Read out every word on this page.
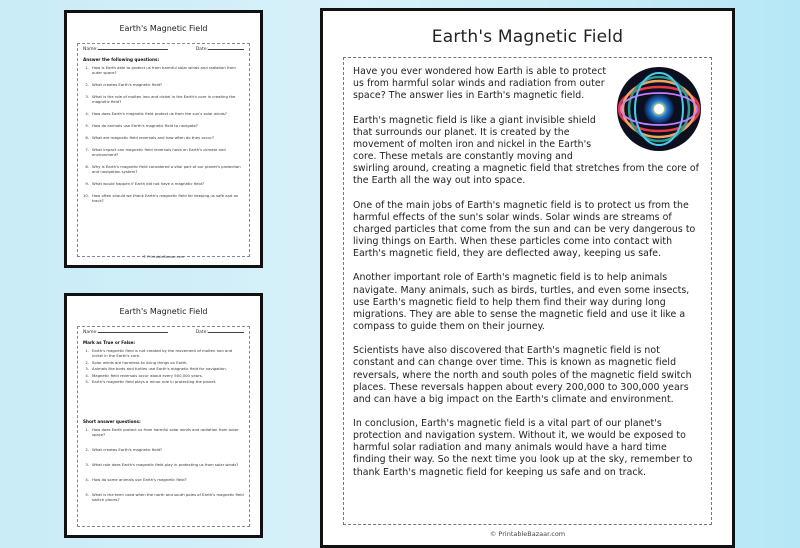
Earth's Magnetic Field
Name:	Date:
Answer the following questions:
1. How is Earth able to protect us from harmful solar winds and radiation from outer space?
2. What creates Earth's magnetic field?
3. What is the role of molten iron and nickel in the Earth's core in creating the magnetic field?
4. How does Earth's magnetic field protect us from the sun's solar winds?
5. How do animals use Earth's magnetic field to navigate?
6. What are magnetic field reversals and how often do they occur?
7. What impact can magnetic field reversals have on Earth's climate and environment?
8. Why is Earth's magnetic field considered a vital part of our planet's protection and navigation system?
9. What would happen if Earth did not have a magnetic field?
10. How often should we thank Earth's magnetic field for keeping us safe and on track?
© PrintableBazaar.com
Earth's Magnetic Field
Name:	Date:
Mark as True or False:
1. Earth's magnetic field is not created by the movement of molten iron and nickel in the Earth's core.
2. Solar winds are harmless to living things on Earth.
3. Animals like birds and turtles use Earth's magnetic field for navigation.
4. Magnetic field reversals occur about every 500,000 years.
5. Earth's magnetic field plays a minor role in protecting the planet.
Short answer questions:
1. How does Earth protect us from harmful solar winds and radiation from outer space?
2. What creates Earth's magnetic field?
3. What role does Earth's magnetic field play in protecting us from solar winds?
4. How do some animals use Earth's magnetic field?
5. What is the term used when the north and south poles of Earth's magnetic field switch places?
Earth's Magnetic Field

Have you ever wondered how Earth is able to protect us from harmful solar winds and radiation from outer space? The answer lies in Earth's magnetic field.

Earth's magnetic field is like a giant invisible shield that surrounds our planet. It is created by the movement of molten iron and nickel in the Earth's core. These metals are constantly moving and swirling around, creating a magnetic field that stretches from the core of the Earth all the way out into space.

One of the main jobs of Earth's magnetic field is to protect us from the harmful effects of the sun's solar winds. Solar winds are streams of charged particles that come from the sun and can be very dangerous to living things on Earth. When these particles come into contact with Earth's magnetic field, they are deflected away, keeping us safe.

Another important role of Earth's magnetic field is to help animals navigate. Many animals, such as birds, turtles, and even some insects, use Earth's magnetic field to help them find their way during long migrations. They are able to sense the magnetic field and use it like a compass to guide them on their journey.

Scientists have also discovered that Earth's magnetic field is not constant and can change over time. This is known as magnetic field reversals, where the north and south poles of the magnetic field switch places. These reversals happen about every 200,000 to 300,000 years and can have a big impact on the Earth's climate and environment.

In conclusion, Earth's magnetic field is a vital part of our planet's protection and navigation system. Without it, we would be exposed to harmful solar radiation and many animals would have a hard time finding their way. So the next time you look up at the sky, remember to thank Earth's magnetic field for keeping us safe and on track.

© PrintableBazaar.com
